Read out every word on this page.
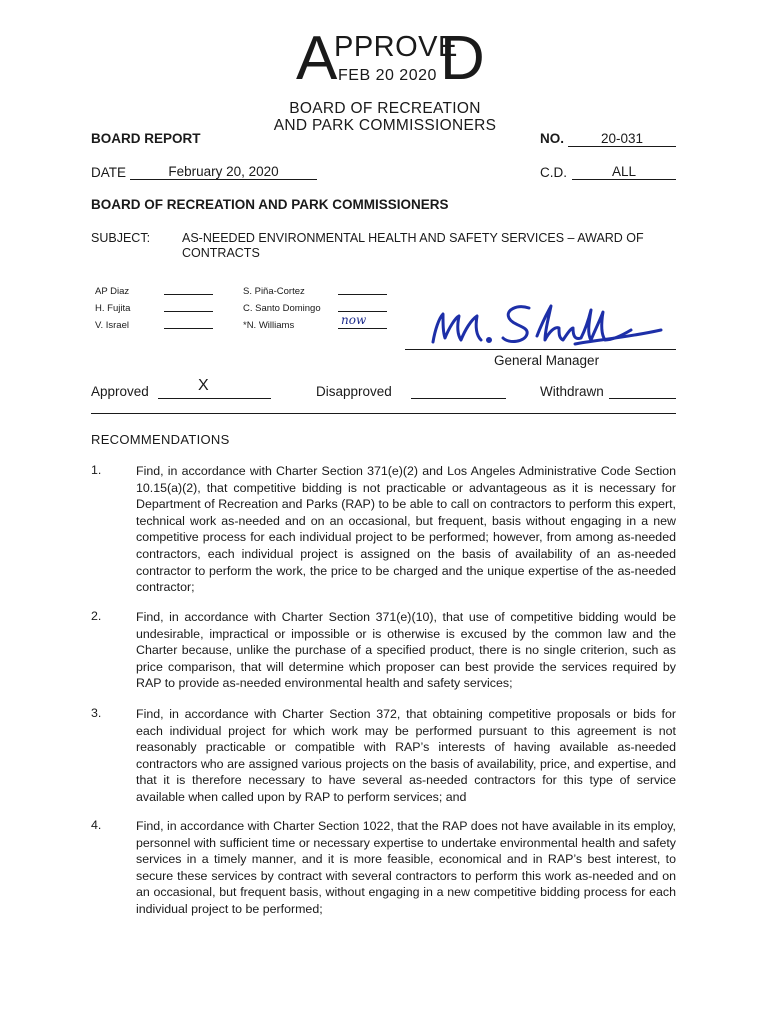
A
PPROVE
D
FEB 20 2020
BOARD OF RECREATION
AND PARK COMMISSIONERS
BOARD REPORT	NO.	20-031
DATE	February 20, 2020	C.D.	ALL
BOARD OF RECREATION AND PARK COMMISSIONERS
SUBJECT:	AS-NEEDED ENVIRONMENTAL HEALTH AND SAFETY SERVICES – AWARD OF
CONTRACTS
AP Diaz
H. Fujita
V. Israel
S. Piña-Cortez
C. Santo Domingo
*N. Williams	now
General Manager
Approved	X	Disapproved	Withdrawn
RECOMMENDATIONS
1.	Find, in accordance with Charter Section 371(e)(2) and Los Angeles Administrative Code Section 10.15(a)(2), that competitive bidding is not practicable or advantageous as it is necessary for Department of Recreation and Parks (RAP) to be able to call on contractors to perform this expert, technical work as-needed and on an occasional, but frequent, basis without engaging in a new competitive process for each individual project to be performed; however, from among as-needed contractors, each individual project is assigned on the basis of availability of an as-needed contractor to perform the work, the price to be charged and the unique expertise of the as-needed contractor;
2.	Find, in accordance with Charter Section 371(e)(10), that use of competitive bidding would be undesirable, impractical or impossible or is otherwise is excused by the common law and the Charter because, unlike the purchase of a specified product, there is no single criterion, such as price comparison, that will determine which proposer can best provide the services required by RAP to provide as-needed environmental health and safety services;
3.	Find, in accordance with Charter Section 372, that obtaining competitive proposals or bids for each individual project for which work may be performed pursuant to this agreement is not reasonably practicable or compatible with RAP’s interests of having available as-needed contractors who are assigned various projects on the basis of availability, price, and expertise, and that it is therefore necessary to have several as-needed contractors for this type of service available when called upon by RAP to perform services; and
4.	Find, in accordance with Charter Section 1022, that the RAP does not have available in its employ, personnel with sufficient time or necessary expertise to undertake environmental health and safety services in a timely manner, and it is more feasible, economical and in RAP’s best interest, to secure these services by contract with several contractors to perform this work as-needed and on an occasional, but frequent basis, without engaging in a new competitive bidding process for each individual project to be performed;
